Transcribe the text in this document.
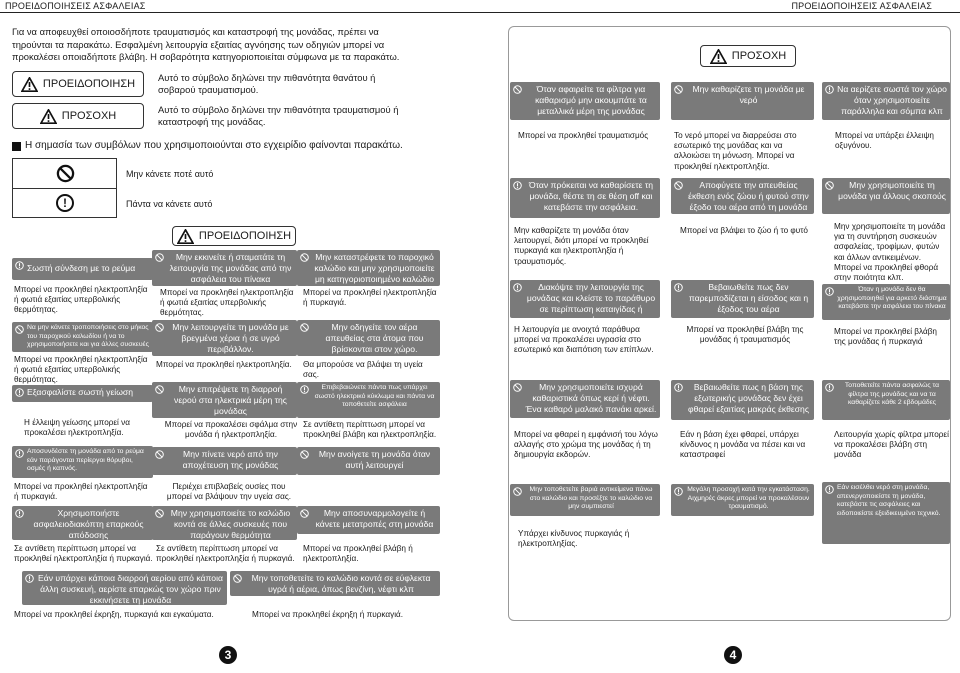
ΠΡΟΕΙΔΟΠΟΙΗΣΕΙΣ ΑΣΦΑΛΕΙΑΣ	ΠΡΟΕΙΔΟΠΟΙΗΣΕΙΣ ΑΣΦΑΛΕΙΑΣ
Για να αποφευχθεί οποιοσδήποτε τραυματισμός και καταστροφή της μονάδας, πρέπει να
τηρούνται τα παρακάτω. Εσφαλμένη λειτουργία εξαιτίας αγνόησης των οδηγιών μπορεί να
προκαλέσει οποιαδήποτε βλάβη. Η σοβαρότητα κατηγοριοποιείται σύμφωνα με τα παρακάτω.
ΠΡΟΕΙΔΟΠΟΙΗΣΗ
ΠΡΟΣΟΧΗ
Αυτό το σύμβολο δηλώνει την πιθανότητα θανάτου ή
σοβαρού τραυματισμού.
Αυτό το σύμβολο δηλώνει την πιθανότητα τραυματισμού ή
καταστροφή της μονάδας.
Η σημασία των συμβόλων που χρησιμοποιούνται στο εγχειρίδιο φαίνονται παρακάτω.
!
Μην κάνετε ποτέ αυτό
Πάντα να κάνετε αυτό
ΠΡΟΕΙΔΟΠΟΙΗΣΗ
Σωστή σύνδεση με το ρεύμα
Μπορεί να προκληθεί ηλεκτροπληξία ή φωτιά εξαιτίας υπερβολικής θερμότητας.
Να μην κάνετε τροποποιήσεις στο μήκος του παροχικού καλωδίου ή να το χρησιμοποιήσετε και για άλλες συσκευές
Μπορεί να προκληθεί ηλεκτροπληξία ή φωτιά εξαιτίας υπερβολικής θερμότητας.
Εξασφαλίστε σωστή γείωση
Η έλλειψη γείωσης μπορεί να προκαλέσει ηλεκτροπληξία.
Αποσυνδέστε τη μονάδα από το ρεύμα εάν παράγονται περίεργοι θόρυβοι, οσμές ή καπνός.
Μπορεί να προκληθεί ηλεκτροπληξία ή πυρκαγιά.
Χρησιμοποιήστε ασφαλειοδιακόπτη επαρκούς απόδοσης
Σε αντίθετη περίπτωση μπορεί να προκληθεί ηλεκτροπληξία ή πυρκαγιά.
Μην εκκινείτε ή σταματάτε τη λειτουργία της μονάδας από την ασφάλεια του πίνακα
Μπορεί να προκληθεί ηλεκτροπληξία ή φωτιά εξαιτίας υπερβολικής θερμότητας.
Μην λειτουργείτε τη μονάδα με βρεγμένα χέρια ή σε υγρό περιβάλλον.
Μπορεί να προκληθεί ηλεκτροπληξία.
Μην επιτρέψετε τη διαρροή νερού στα ηλεκτρικά μέρη της μονάδας
Μπορεί να προκαλέσει σφάλμα στην μονάδα ή ηλεκτροπληξία.
Μην πίνετε νερό από την αποχέτευση της μονάδας
Περιέχει επιβλαβείς ουσίες που μπορεί να βλάψουν την υγεία σας.
Μην χρησιμοποιείτε το καλώδιο κοντά σε άλλες συσκευές που παράγουν θερμότητα
Σε αντίθετη περίπτωση μπορεί να προκληθεί ηλεκτροπληξία ή πυρκαγιά.
Μην καταστρέφετε το παροχικό καλώδιο και μην χρησιμοποιείτε μη κατηγοριοποιημένο καλώδιο
Μπορεί να προκληθεί ηλεκτροπληξία ή πυρκαγιά.
Μην οδηγείτε τον αέρα απευθείας στα άτομα που βρίσκονται στον χώρο.
Θα μπορούσε να βλάψει τη υγεία σας.
Επιβεβαιώνετε πάντα πως υπάρχει σωστό ηλεκτρικό κύκλωμα και πάντα να τοποθετείτε ασφάλεια
Σε αντίθετη περίπτωση μπορεί να προκληθεί βλάβη και ηλεκτροπληξία.
Μην ανοίγετε τη μονάδα όταν αυτή λειτουργεί
Μην αποσυναρμολογείτε ή κάνετε μετατροπές στη μονάδα
Μπορεί να προκληθεί βλάβη ή ηλεκτροπληξία.
Εάν υπάρχει κάποια διαρροή αερίου από κάποια άλλη συσκευή, αερίστε επαρκώς τον χώρο πριν εκκινήσετε τη μονάδα
Μπορεί να προκληθεί έκρηξη, πυρκαγιά και εγκαύματα.
Μην τοποθετείτε το καλώδιο κοντά σε εύφλεκτα υγρά ή αέρια, όπως βενζίνη, νέφτι κλπ
Μπορεί να προκληθεί έκρηξη ή πυρκαγιά.
3
ΠΡΟΣΟΧΗ
Όταν αφαιρείτε τα φίλτρα για καθαρισμό μην ακουμπάτε τα μεταλλικά μέρη της μονάδας
Μπορεί να προκληθεί τραυματισμός
Όταν πρόκειται να καθαρίσετε τη μονάδα, θέστε τη σε θέση off και κατεβάστε την ασφάλεια.
Μην καθαρίζετε τη μονάδα όταν λειτουργεί, διότι μπορεί να προκληθεί πυρκαγιά και ηλεκτροπληξία ή τραυματισμός.
Διακόψτε την λειτουργία της μονάδας και κλείστε το παράθυρο σε περίπτωση καταιγίδας ή τυφώνα
Η λειτουργία με ανοιχτά παράθυρα μπορεί να προκαλέσει υγρασία στο εσωτερικό και διαπότιση των επίπλων.
Μην χρησιμοποιείτε ισχυρά καθαριστικά όπως κερί ή νέφτι. Ένα καθαρό μαλακό πανάκι αρκεί.
Μπορεί να φθαρεί η εμφάνισή του λόγω αλλαγής στο χρώμα της μονάδας ή τη δημιουργία εκδορών.
Μην τοποθετείτε βαριά αντικείμενα πάνω στο καλώδιο και προσέξτε το καλώδιο να μην συμπιεστεί
Υπάρχει κίνδυνος πυρκαγιάς ή ηλεκτροπληξίας.
Μην καθαρίζετε τη μονάδα με νερό
Το νερό μπορεί να διαρρεύσει στο εσωτερικό της μονάδας και να αλλοιώσει τη μόνωση. Μπορεί να προκληθεί ηλεκτροπληξία.
Αποφύγετε την απευθείας έκθεση ενός ζώου ή φυτού στην έξοδο του αέρα από τη μονάδα
Μπορεί να βλάψει το ζώο ή το φυτό
Βεβαιωθείτε πως δεν παρεμποδίζεται η είσοδος και η έξοδος του αέρα
Μπορεί να προκληθεί βλάβη της μονάδας ή τραυματισμός
Βεβαιωθείτε πως η βάση της εξωτερικής μονάδας δεν έχει φθαρεί εξαιτίας μακράς έκθεσης
Εάν η βάση έχει φθαρεί, υπάρχει κίνδυνος η μονάδα να πέσει και να καταστραφεί
Μεγάλη προσοχή κατά την εγκατάσταση. Αιχμηρές άκρες μπορεί να προκαλέσουν τραυματισμό.
Να αερίζετε σωστά τον χώρο όταν χρησιμοποιείτε παράλληλα και σόμπα κλπ
Μπορεί να υπάρξει έλλειψη οξυγόνου.
Μην χρησιμοποιείτε τη μονάδα για άλλους σκοπούς
Μην χρησιμοποιείτε τη μονάδα για τη συντήρηση συσκευών ασφαλείας, τροφίμων, φυτών και άλλων αντικειμένων. Μπορεί να προκληθεί φθορά στην ποιότητα κλπ.
Όταν η μονάδα δεν θα χρησιμοποιηθεί για αρκετό διάστημα κατεβάστε την ασφάλεια του πίνακα
Μπορεί να προκληθεί βλάβη της μονάδας ή πυρκαγιά
Τοποθετείτε πάντα ασφαλώς τα φίλτρα της μονάδας και να τα καθαρίζετε κάθε 2 εβδομάδες
Λειτουργία χωρίς φίλτρα μπορεί να προκαλέσει βλάβη στη μονάδα
Εάν εισέλθει νερό στη μονάδα, απενεργοποιείστε τη μονάδα, κατεβάστε τις ασφάλειες και ειδοποιείστε εξειδικευμένο τεχνικό.
4
